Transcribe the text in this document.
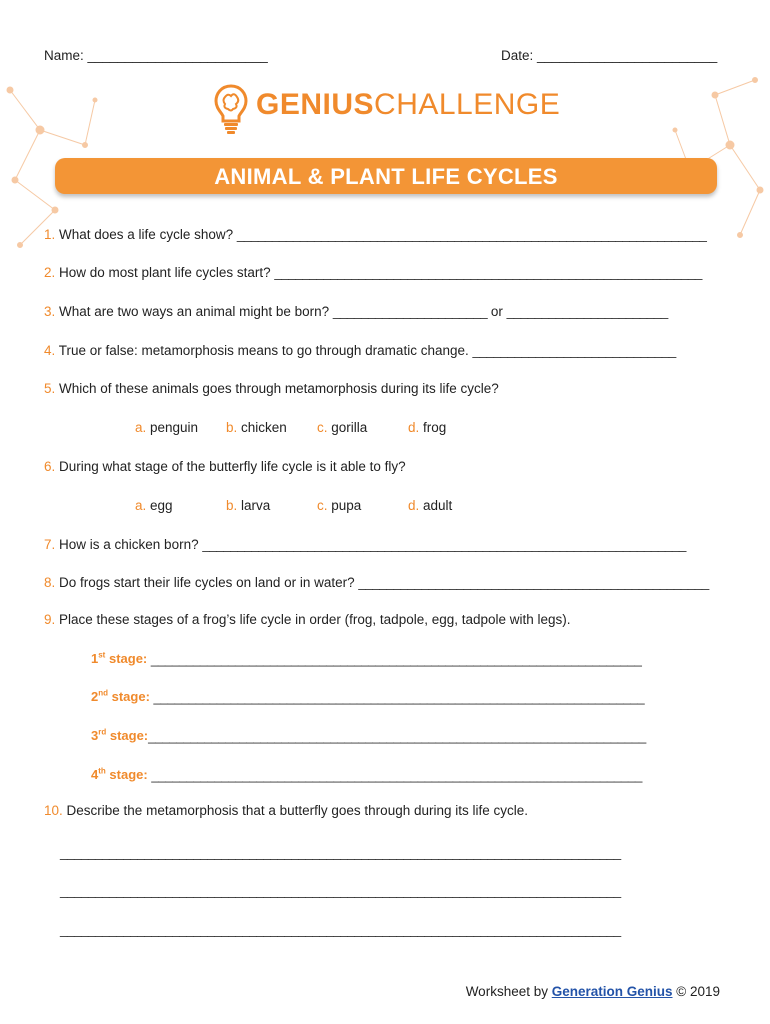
Name: ________________________	Date: ________________________
GENIUSCHALLENGE
ANIMAL & PLANT LIFE CYCLES
1. What does a life cycle show? ___________________________________________________________________
2. How do most plant life cycles start? _____________________________________________________________
3. What are two ways an animal might be born? ______________________ or _______________________
4. True or false: metamorphosis means to go through dramatic change. _____________________________
5. Which of these animals goes through metamorphosis during its life cycle?
a. penguin b. chicken c. gorilla	d. frog
6. During what stage of the butterfly life cycle is it able to fly?
a. egg	b. larva	c. pupa	d. adult
7. How is a chicken born? _____________________________________________________________________
8. Do frogs start their life cycles on land or in water? __________________________________________________
9. Place these stages of a frog’s life cycle in order (frog, tadpole, egg, tadpole with legs).
1st stage: ______________________________________________________________________
2nd stage: ______________________________________________________________________
3rd stage:_______________________________________________________________________
4th stage: ______________________________________________________________________
10. Describe the metamorphosis that a butterfly goes through during its life cycle.
________________________________________________________________________________
________________________________________________________________________________
________________________________________________________________________________
Worksheet by Generation Genius © 2019
